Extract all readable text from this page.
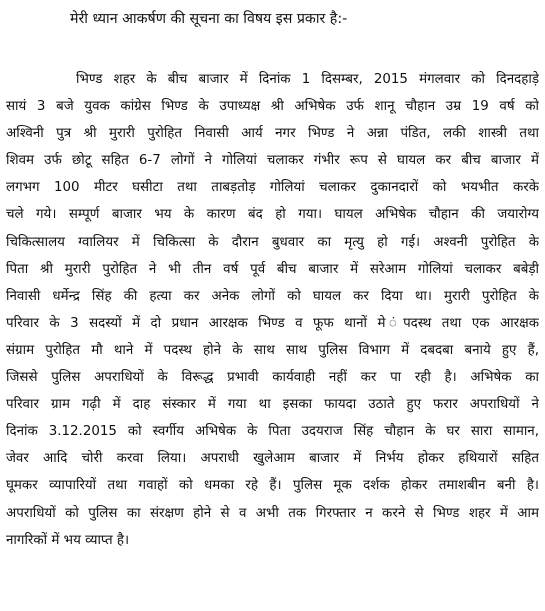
मेरी ध्यान आकर्षण की सूचना का विषय इस प्रकार है:-
भिण्ड शहर के बीच बाजार में दिनांक 1 दिसम्बर, 2015 मंगलवार को दिनदहाड़े
सायं 3 बजे युवक कांग्रेस भिण्ड के उपाध्यक्ष श्री अभिषेक उर्फ शानू चौहान उम्र 19 वर्ष को
अश्विनी पुत्र श्री मुरारी पुरोहित निवासी आर्य नगर भिण्ड ने अन्ना पंडित, लकी शास्त्री तथा
शिवम उर्फ छोटू सहित 6-7 लोगों ने गोलियां चलाकर गंभीर रूप से घायल कर बीच बाजार में
लगभग 100 मीटर घसीटा तथा ताबड़तोड़ गोलियां चलाकर दुकानदारों को भयभीत करके
चले गये। सम्पूर्ण बाजार भय के कारण बंद हो गया। घायल अभिषेक चौहान की जयारोग्य
चिकित्सालय ग्वालियर में चिकित्सा के दौरान बुधवार का मृत्यु हो गई। अश्वनी पुरोहित के
पिता श्री मुरारी पुरोहित ने भी तीन वर्ष पूर्व बीच बाजार में सरेआम गोलियां चलाकर बबेड़ी
निवासी धर्मेन्द्र सिंह की हत्या कर अनेक लोगों को घायल कर दिया था। मुरारी पुरोहित के
परिवार के 3 सदस्यों में दो प्रधान आरक्षक भिण्ड व फूफ थानों मे ंपदस्थ तथा एक आरक्षक
संग्राम पुरोहित मौ थाने में पदस्थ होने के साथ साथ पुलिस विभाग में दबदबा बनाये हुए हैं,
जिससे पुलिस अपराधियों के विरूद्ध प्रभावी कार्यवाही नहीं कर पा रही है। अभिषेक का
परिवार ग्राम गढ़ी में दाह संस्कार में गया था इसका फायदा उठाते हुए फरार अपराधियों ने
दिनांक 3.12.2015 को स्वर्गीय अभिषेक के पिता उदयराज सिंह चौहान के घर सारा सामान,
जेवर आदि चोरी करवा लिया। अपराधी खुलेआम बाजार में निर्भय होकर हथियारों सहित
घूमकर व्यापारियों तथा गवाहों को धमका रहे हैं। पुलिस मूक दर्शक होकर तमाशबीन बनी है।
अपराधियों को पुलिस का संरक्षण होने से व अभी तक गिरफ्तार न करने से भिण्ड शहर में आम
नागरिकों में भय व्याप्त है।
